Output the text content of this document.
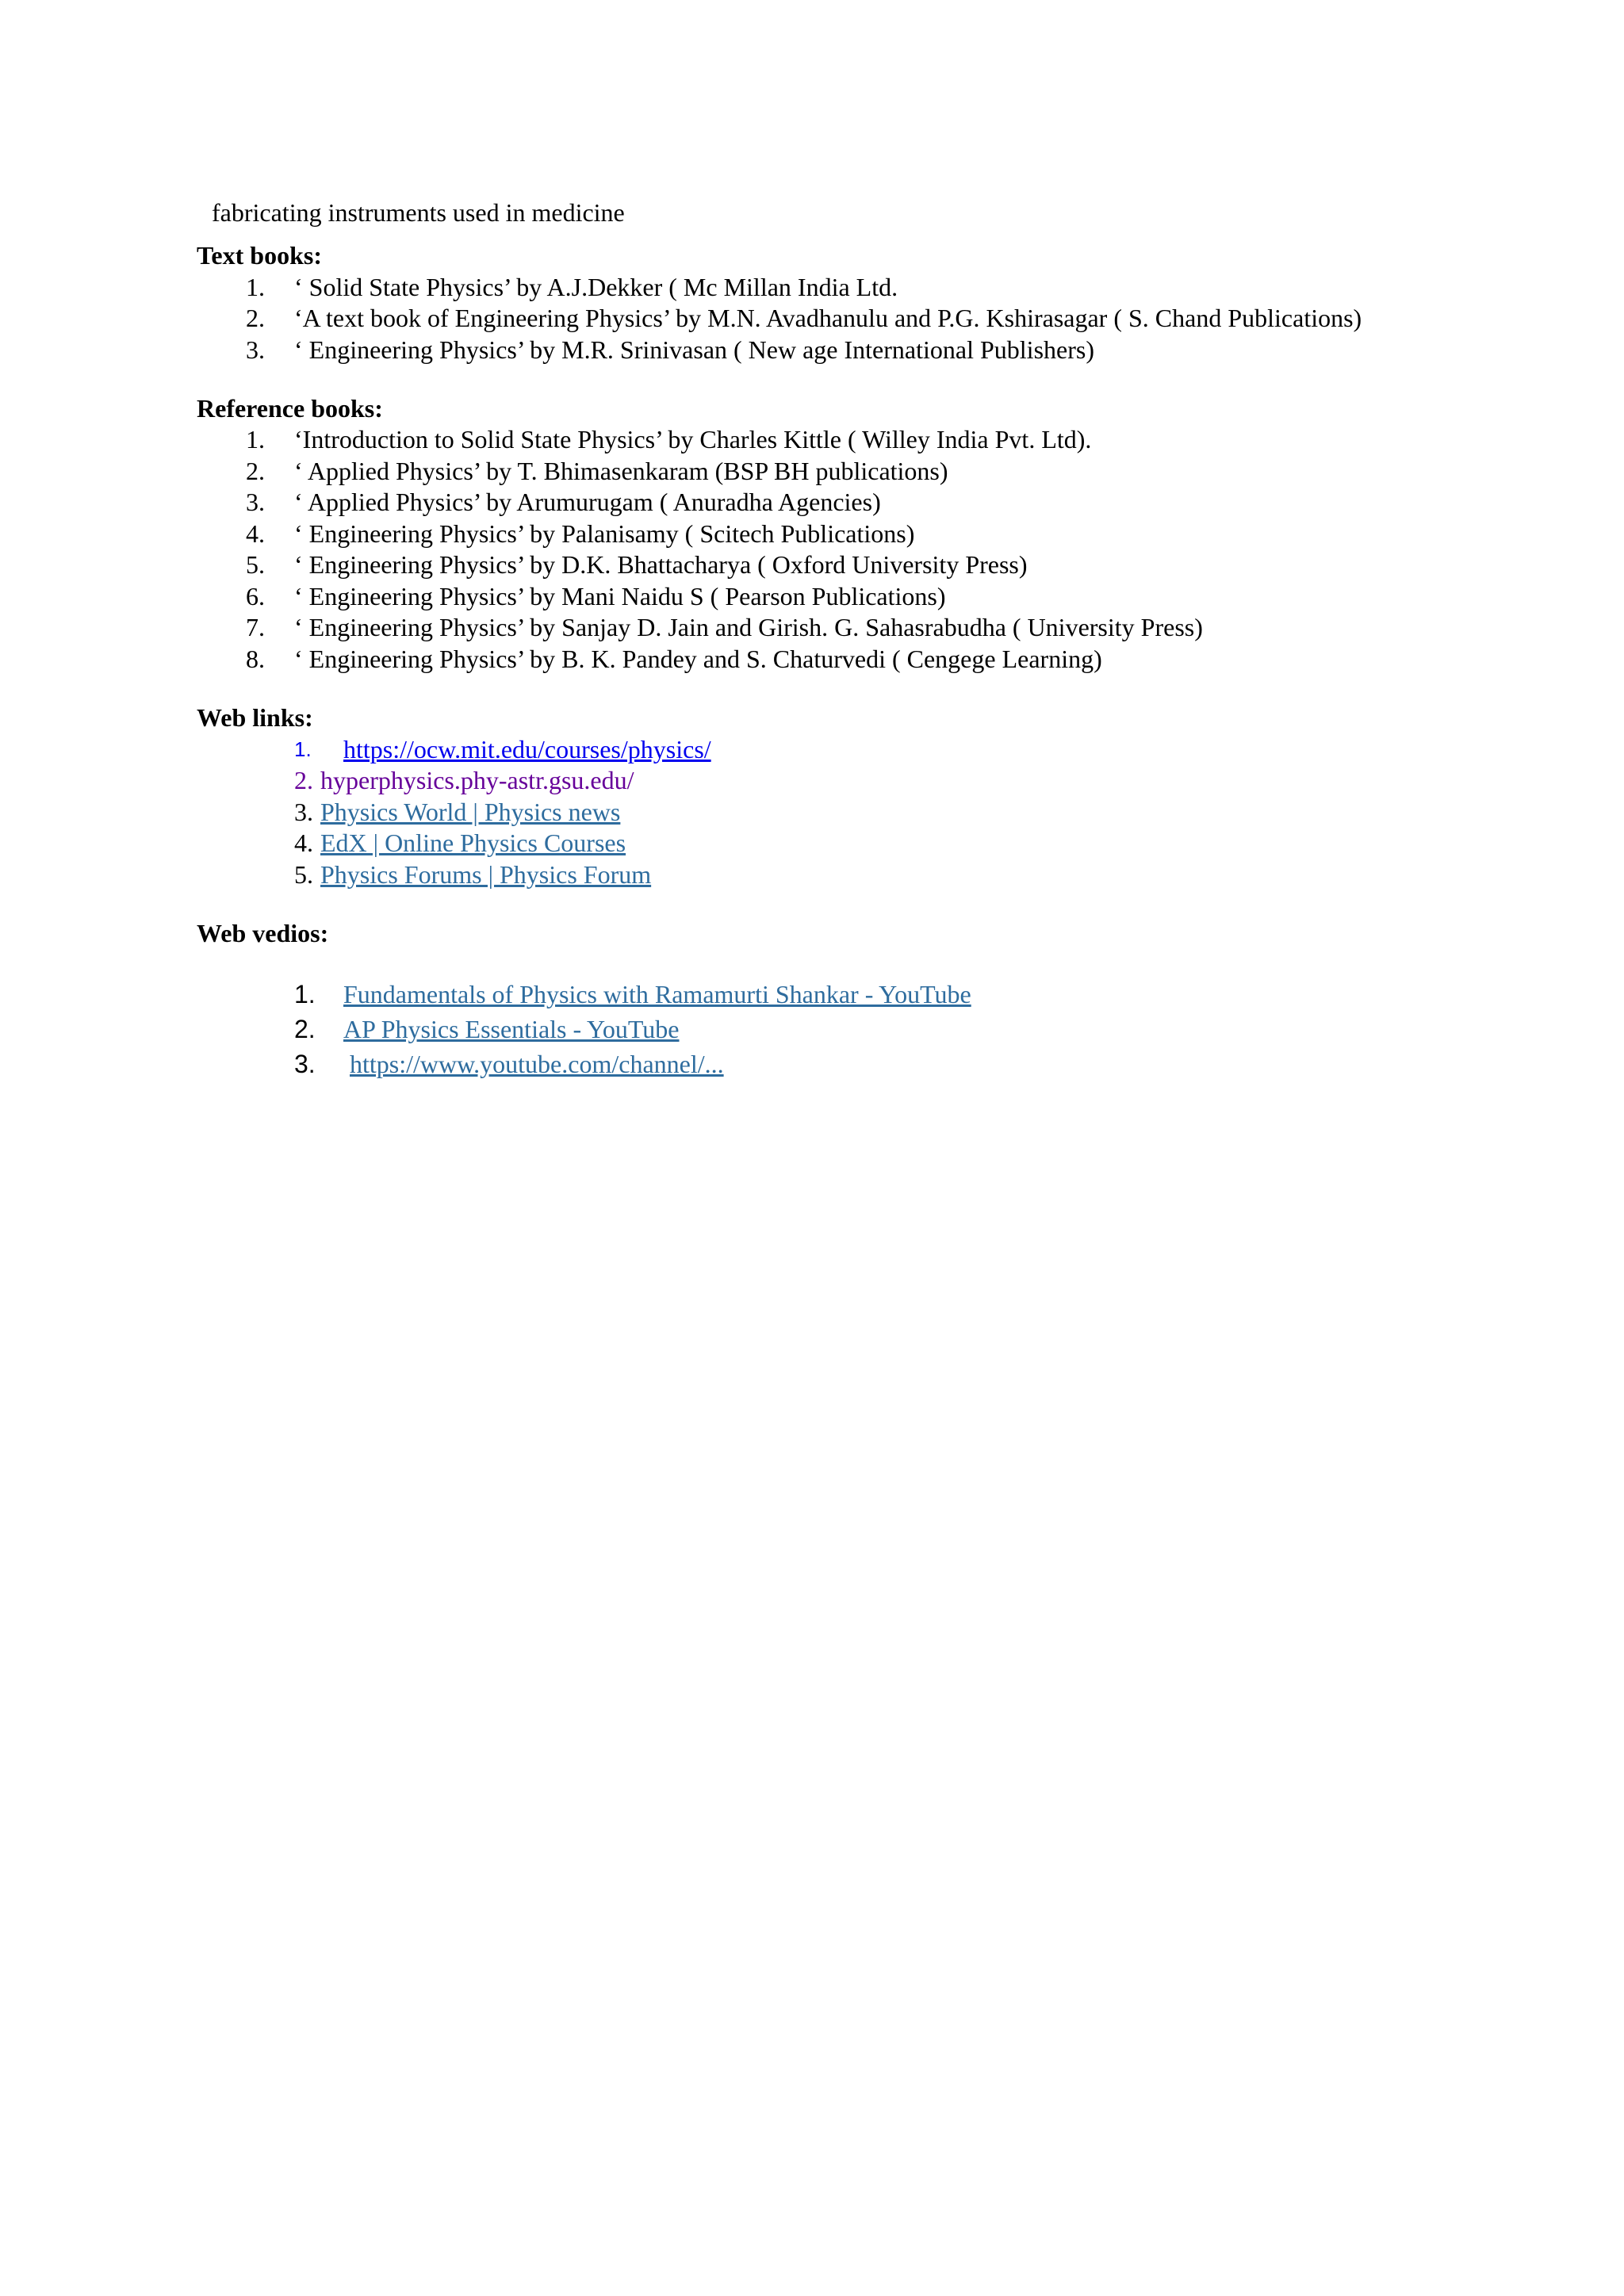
fabricating instruments used in medicine
Text books:
1. ‘ Solid State Physics’ by A.J.Dekker ( Mc Millan India Ltd.
2. ‘A text book of Engineering Physics’ by M.N. Avadhanulu and P.G. Kshirasagar ( S. Chand Publications)
3. ‘ Engineering Physics’ by M.R. Srinivasan ( New age International Publishers)
Reference books:
1. ‘Introduction to Solid State Physics’ by Charles Kittle ( Willey India Pvt. Ltd).
2. ‘ Applied Physics’ by T. Bhimasenkaram (BSP BH publications)
3. ‘ Applied Physics’ by Arumurugam ( Anuradha Agencies)
4. ‘ Engineering Physics’ by Palanisamy ( Scitech Publications)
5. ‘ Engineering Physics’ by D.K. Bhattacharya ( Oxford University Press)
6. ‘ Engineering Physics’ by Mani Naidu S ( Pearson Publications)
7. ‘ Engineering Physics’ by Sanjay D. Jain and Girish. G. Sahasrabudha ( University Press)
8. ‘ Engineering Physics’ by B. K. Pandey and S. Chaturvedi ( Cengege Learning)
Web links:
1. https://ocw.mit.edu/courses/physics/
2. hyperphysics.phy-astr.gsu.edu/
3. Physics World | Physics news
4. EdX | Online Physics Courses
5. Physics Forums | Physics Forum
Web vedios:
1. Fundamentals of Physics with Ramamurti Shankar - YouTube
2. AP Physics Essentials - YouTube
3. https://www.youtube.com/channel/...
